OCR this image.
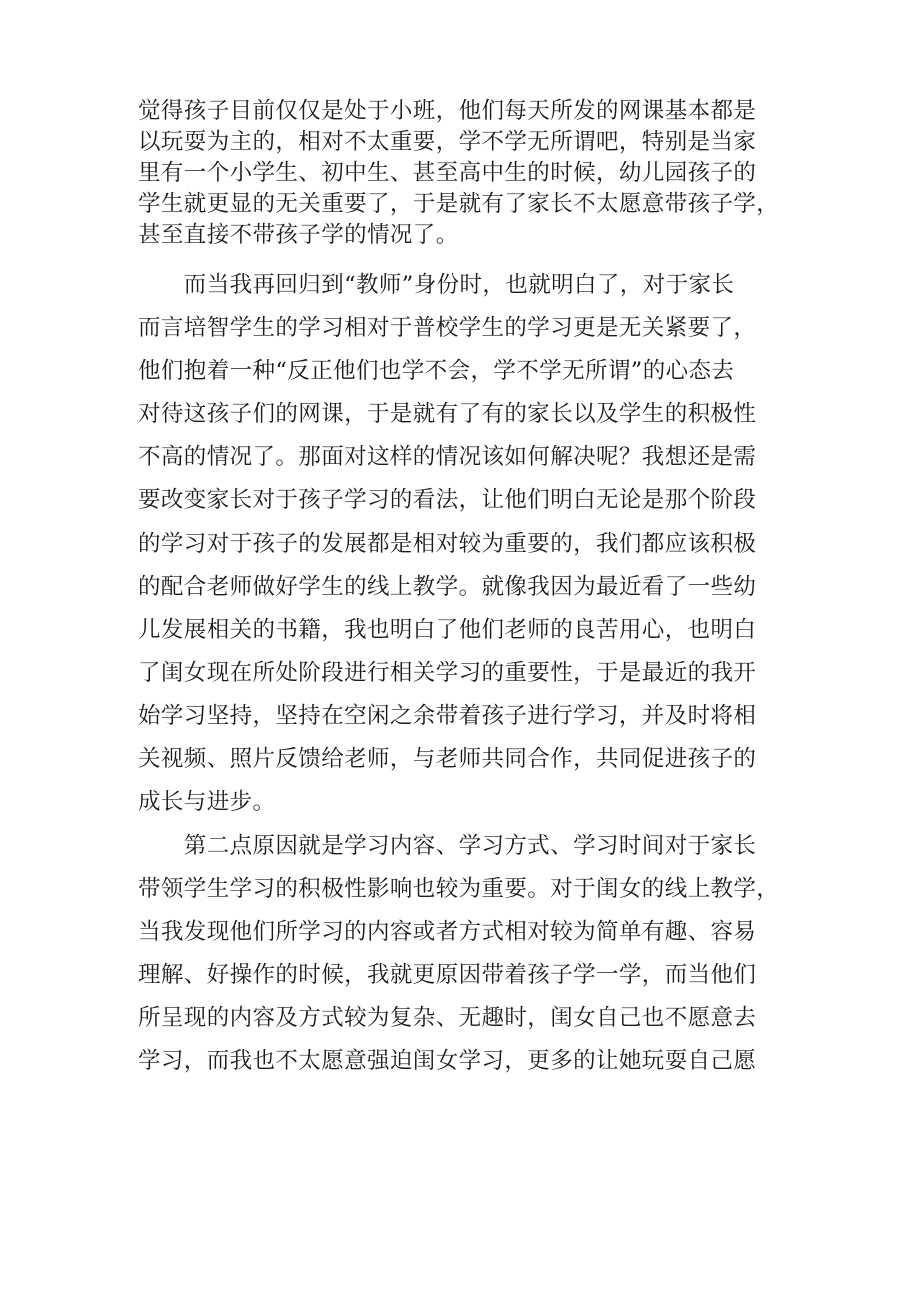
觉得孩子目前仅仅是处于小班，他们每天所发的网课基本都是
以玩耍为主的，相对不太重要，学不学无所谓吧，特别是当家
里有一个小学生、初中生、甚至高中生的时候，幼儿园孩子的
学生就更显的无关重要了，于是就有了家长不太愿意带孩子学，
甚至直接不带孩子学的情况了。
　　而当我再回归到“教师”身份时，也就明白了，对于家长
而言培智学生的学习相对于普校学生的学习更是无关紧要了，
他们抱着一种“反正他们也学不会，学不学无所谓”的心态去
对待这孩子们的网课，于是就有了有的家长以及学生的积极性
不高的情况了。那面对这样的情况该如何解决呢？我想还是需
要改变家长对于孩子学习的看法，让他们明白无论是那个阶段
的学习对于孩子的发展都是相对较为重要的，我们都应该积极
的配合老师做好学生的线上教学。就像我因为最近看了一些幼
儿发展相关的书籍，我也明白了他们老师的良苦用心，也明白
了闺女现在所处阶段进行相关学习的重要性，于是最近的我开
始学习坚持，坚持在空闲之余带着孩子进行学习，并及时将相
关视频、照片反馈给老师，与老师共同合作，共同促进孩子的
成长与进步。
　　第二点原因就是学习内容、学习方式、学习时间对于家长
带领学生学习的积极性影响也较为重要。对于闺女的线上教学，
当我发现他们所学习的内容或者方式相对较为简单有趣、容易
理解、好操作的时候，我就更原因带着孩子学一学，而当他们
所呈现的内容及方式较为复杂、无趣时，闺女自己也不愿意去
学习，而我也不太愿意强迫闺女学习，更多的让她玩耍自己愿
